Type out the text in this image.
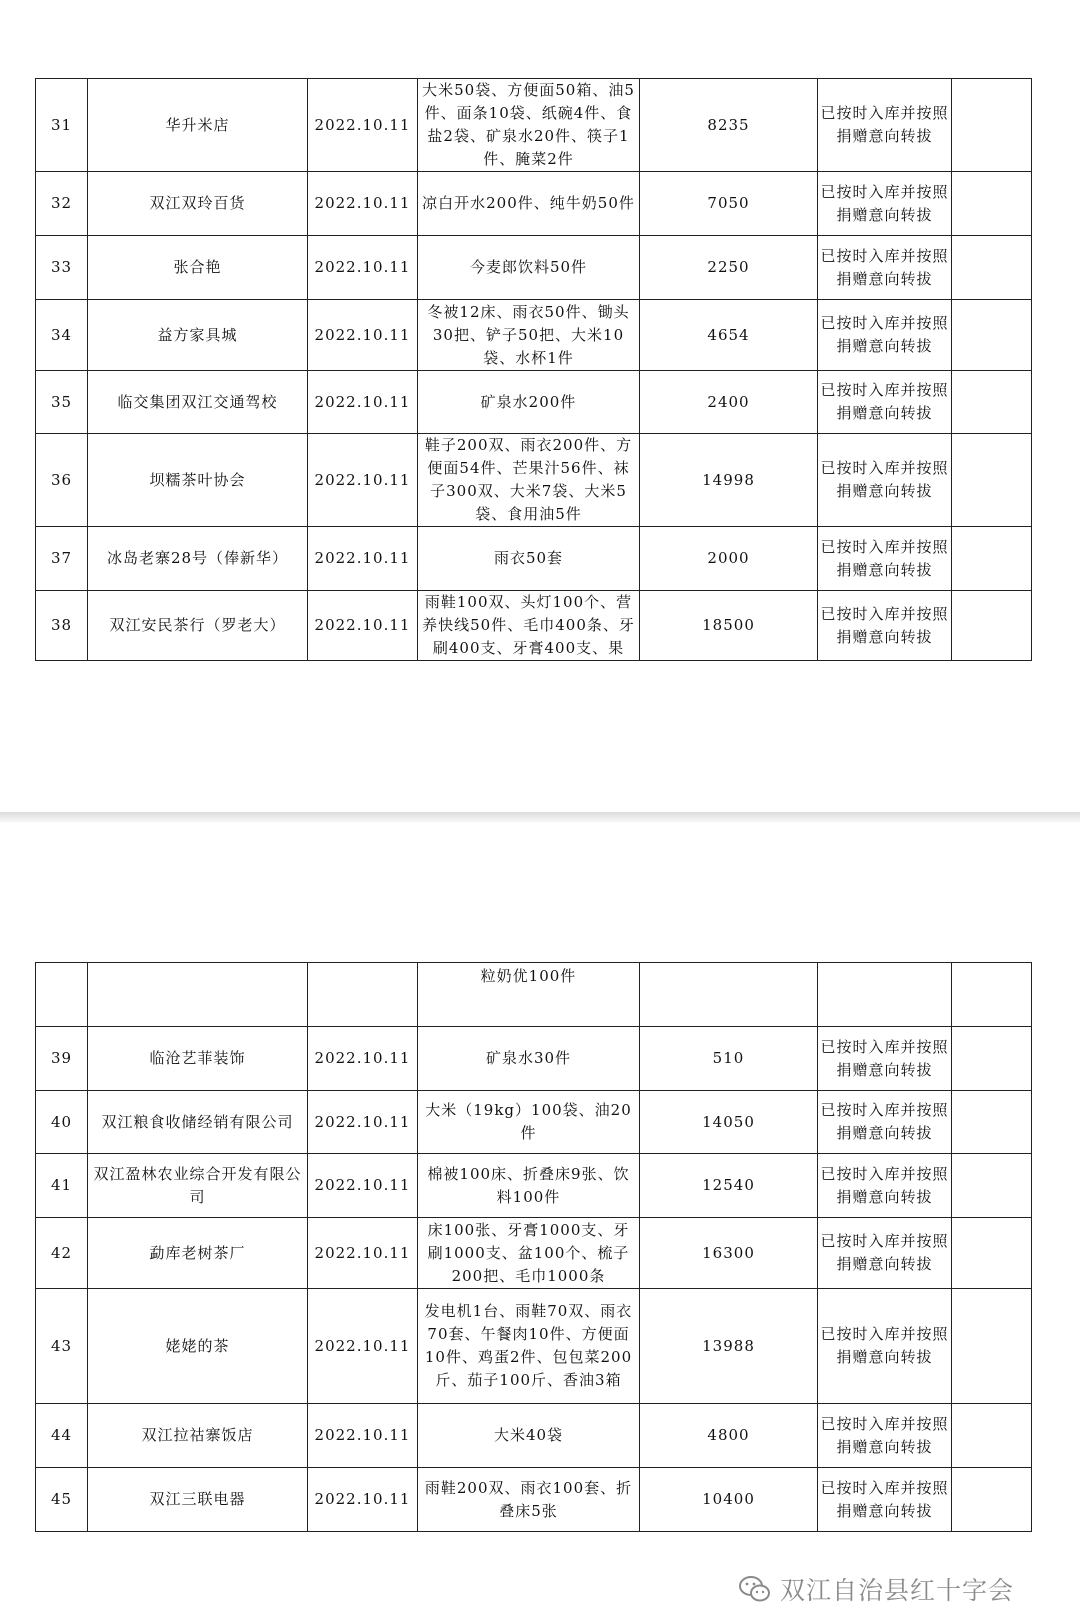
31	华升米店	2022.10.11	大米50袋、方便面50箱、油5件、面条10袋、纸碗4件、食盐2袋、矿泉水20件、筷子1件、腌菜2件	8235	已按时入库并按照捐赠意向转拔	
32	双江双玲百货	2022.10.11	凉白开水200件、纯牛奶50件	7050	已按时入库并按照捐赠意向转拔	
33	张合艳	2022.10.11	今麦郎饮料50件	2250	已按时入库并按照捐赠意向转拔	
34	益方家具城	2022.10.11	冬被12床、雨衣50件、锄头30把、铲子50把、大米10袋、水杯1件	4654	已按时入库并按照捐赠意向转拔	
35	临交集团双江交通驾校	2022.10.11	矿泉水200件	2400	已按时入库并按照捐赠意向转拔	
36	坝糯茶叶协会	2022.10.11	鞋子200双、雨衣200件、方便面54件、芒果汁56件、袜子300双、大米7袋、大米5袋、食用油5件	14998	已按时入库并按照捐赠意向转拔	
37	冰岛老寨28号（俸新华）	2022.10.11	雨衣50套	2000	已按时入库并按照捐赠意向转拔	
38	双江安民茶行（罗老大）	2022.10.11	雨鞋100双、头灯100个、营养快线50件、毛巾400条、牙刷400支、牙膏400支、果	18500	已按时入库并按照捐赠意向转拔	
			粒奶优100件			
39	临沧艺菲装饰	2022.10.11	矿泉水30件	510	已按时入库并按照捐赠意向转拔	
40	双江粮食收储经销有限公司	2022.10.11	大米（19kg）100袋、油20件	14050	已按时入库并按照捐赠意向转拔	
41	双江盈林农业综合开发有限公司	2022.10.11	棉被100床、折叠床9张、饮料100件	12540	已按时入库并按照捐赠意向转拔	
42	勐库老树茶厂	2022.10.11	床100张、牙膏1000支、牙刷1000支、盆100个、梳子200把、毛巾1000条	16300	已按时入库并按照捐赠意向转拔	
43	姥姥的茶	2022.10.11	发电机1台、雨鞋70双、雨衣70套、午餐肉10件、方便面10件、鸡蛋2件、包包菜200斤、茄子100斤、香油3箱	13988	已按时入库并按照捐赠意向转拔	
44	双江拉祜寨饭店	2022.10.11	大米40袋	4800	已按时入库并按照捐赠意向转拔	
45	双江三联电器	2022.10.11	雨鞋200双、雨衣100套、折叠床5张	10400	已按时入库并按照捐赠意向转拔	
双江自治县红十字会
